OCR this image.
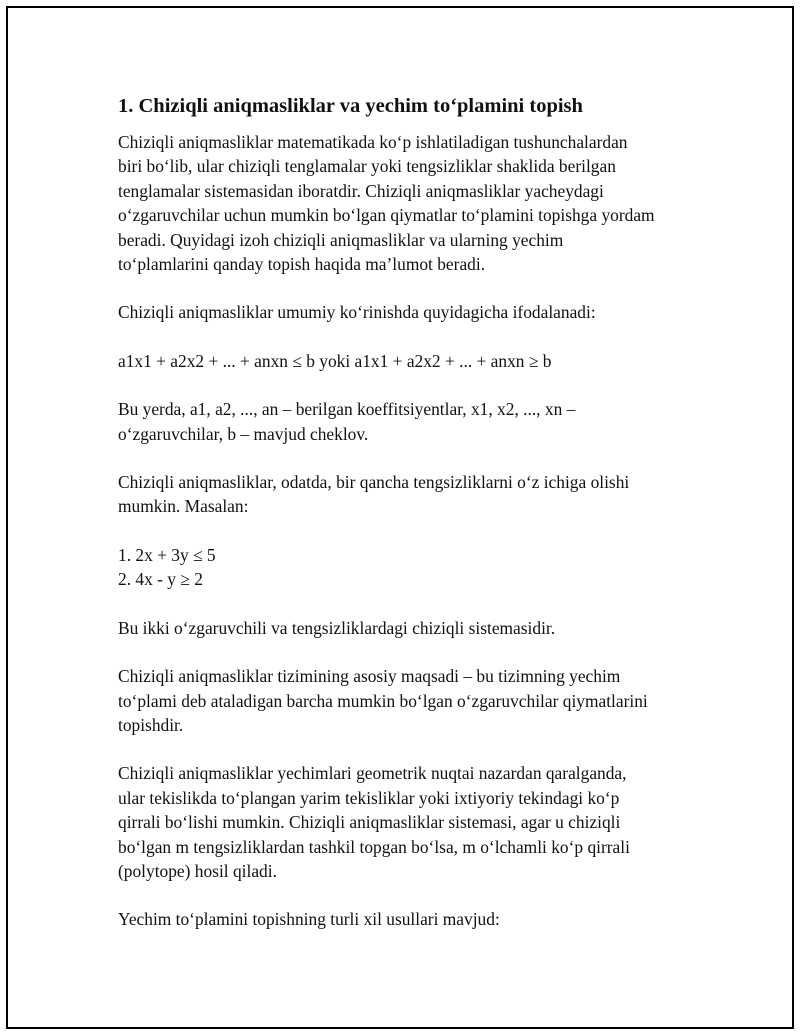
1. Chiziqli aniqmasliklar va yechim to‘plamini topish

Chiziqli aniqmasliklar matematikada ko‘p ishlatiladigan tushunchalardan
biri bo‘lib, ular chiziqli tenglamalar yoki tengsizliklar shaklida berilgan
tenglamalar sistemasidan iboratdir. Chiziqli aniqmasliklar yacheydagi
o‘zgaruvchilar uchun mumkin bo‘lgan qiymatlar to‘plamini topishga yordam
beradi. Quyidagi izoh chiziqli aniqmasliklar va ularning yechim
to‘plamlarini qanday topish haqida ma’lumot beradi.

Chiziqli aniqmasliklar umumiy ko‘rinishda quyidagicha ifodalanadi:

a1x1 + a2x2 + ... + anxn ≤ b yoki a1x1 + a2x2 + ... + anxn ≥ b

Bu yerda, a1, a2, ..., an – berilgan koeffitsiyentlar, x1, x2, ..., xn –
o‘zgaruvchilar, b – mavjud cheklov.

Chiziqli aniqmasliklar, odatda, bir qancha tengsizliklarni o‘z ichiga olishi
mumkin. Masalan:

1. 2x + 3y ≤ 5
2. 4x - y ≥ 2

Bu ikki o‘zgaruvchili va tengsizliklardagi chiziqli sistemasidir.

Chiziqli aniqmasliklar tizimining asosiy maqsadi – bu tizimning yechim
to‘plami deb ataladigan barcha mumkin bo‘lgan o‘zgaruvchilar qiymatlarini
topishdir.

Chiziqli aniqmasliklar yechimlari geometrik nuqtai nazardan qaralganda,
ular tekislikda to‘plangan yarim tekisliklar yoki ixtiyoriy tekindagi ko‘p
qirrali bo‘lishi mumkin. Chiziqli aniqmasliklar sistemasi, agar u chiziqli
bo‘lgan m tengsizliklardan tashkil topgan bo‘lsa, m o‘lchamli ko‘p qirrali
(polytope) hosil qiladi.

Yechim to‘plamini topishning turli xil usullari mavjud:
